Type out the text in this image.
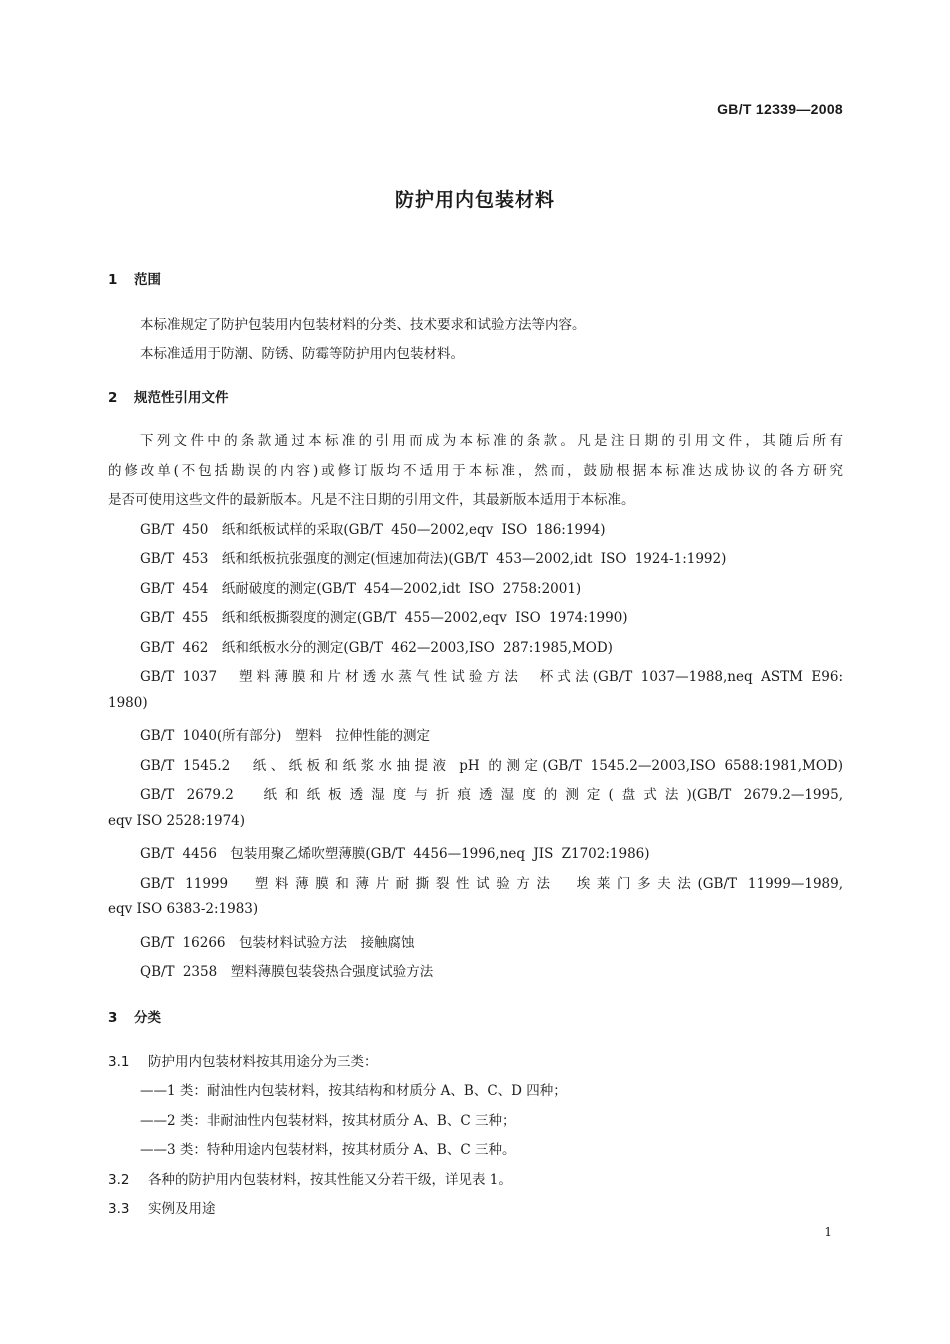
GB/T 12339—2008
防护用内包装材料
1 范围
本标准规定了防护包装用内包装材料的分类、技术要求和试验方法等内容。
本标准适用于防潮、防锈、防霉等防护用内包装材料。
2 规范性引用文件
下列文件中的条款通过本标准的引用而成为本标准的条款。凡是注日期的引用文件，其随后所有
的修改单(不包括勘误的内容)或修订版均不适用于本标准，然而，鼓励根据本标准达成协议的各方研究
是否可使用这些文件的最新版本。凡是不注日期的引用文件，其最新版本适用于本标准。
GB/T 450　纸和纸板试样的采取(GB/T 450—2002,eqv ISO 186:1994)
GB/T 453　纸和纸板抗张强度的测定(恒速加荷法)(GB/T 453—2002,idt ISO 1924-1:1992)
GB/T 454　纸耐破度的测定(GB/T 454—2002,idt ISO 2758:2001)
GB/T 455　纸和纸板撕裂度的测定(GB/T 455—2002,eqv ISO 1974:1990)
GB/T 462　纸和纸板水分的测定(GB/T 462—2003,ISO 287:1985,MOD)
GB/T 1037　塑料薄膜和片材透水蒸气性试验方法　杯式法(GB/T 1037—1988,neq ASTM E96:
1980)
GB/T 1040(所有部分)　塑料　拉伸性能的测定
GB/T 1545.2　纸、纸板和纸浆水抽提液 pH 的测定(GB/T 1545.2—2003,ISO 6588:1981,MOD)
GB/T 2679.2　纸和纸板透湿度与折痕透湿度的测定(盘式法)(GB/T 2679.2—1995,
eqv ISO 2528:1974)
GB/T 4456　包装用聚乙烯吹塑薄膜(GB/T 4456—1996,neq JIS Z1702:1986)
GB/T 11999　塑料薄膜和薄片耐撕裂性试验方法　埃莱门多夫法(GB/T 11999—1989,
eqv ISO 6383-2:1983)
GB/T 16266　包装材料试验方法　接触腐蚀
QB/T 2358　塑料薄膜包装袋热合强度试验方法
3 分类
3.1 防护用内包装材料按其用途分为三类：
——1 类：耐油性内包装材料，按其结构和材质分 A、B、C、D 四种；
——2 类：非耐油性内包装材料，按其材质分 A、B、C 三种；
——3 类：特种用途内包装材料，按其材质分 A、B、C 三种。
3.2 各种的防护用内包装材料，按其性能又分若干级，详见表 1。
3.3 实例及用途
1
